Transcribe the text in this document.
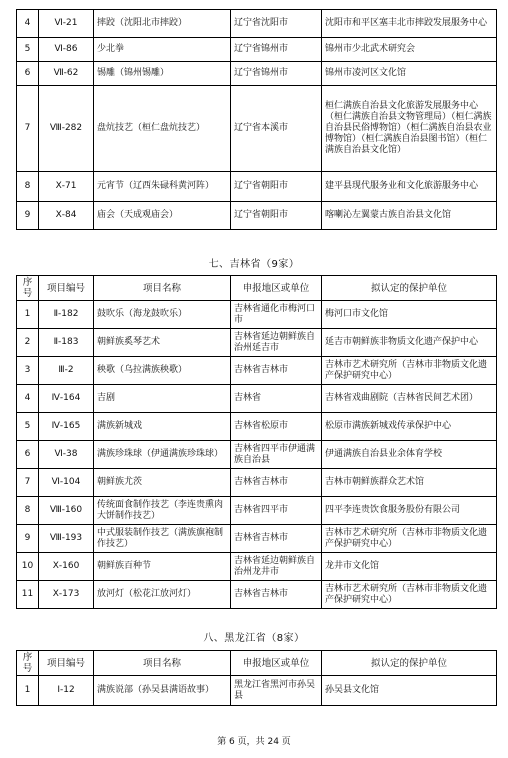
4	Ⅵ-21	摔跤（沈阳北市摔跤）	辽宁省沈阳市	沈阳市和平区塞丰北市摔跤发展服务中心
5	Ⅵ-86	少北拳	辽宁省锦州市	锦州市少北武术研究会
6	Ⅶ-62	锡雕（锦州锡雕）	辽宁省锦州市	锦州市凌河区文化馆
7	Ⅷ-282	盘炕技艺（桓仁盘炕技艺）	辽宁省本溪市	桓仁满族自治县文化旅游发展服务中心（桓仁满族自治县文物管理局）（桓仁满族自治县民俗博物馆）（桓仁满族自治县农业博物馆）（桓仁满族自治县图书馆）（桓仁满族自治县文化馆）
8	Ⅹ-71	元宵节（辽西朱碌科黄河阵）	辽宁省朝阳市	建平县现代服务业和文化旅游服务中心
9	Ⅹ-84	庙会（天成观庙会）	辽宁省朝阳市	喀喇沁左翼蒙古族自治县文化馆
七、吉林省（9家）
序号	项目编号	项目名称	申报地区或单位	拟认定的保护单位
1	Ⅱ-182	鼓吹乐（海龙鼓吹乐）	吉林省通化市梅河口市	梅河口市文化馆
2	Ⅱ-183	朝鲜族奚琴艺术	吉林省延边朝鲜族自治州延吉市	延吉市朝鲜族非物质文化遗产保护中心
3	Ⅲ-2	秧歌（乌拉满族秧歌）	吉林省吉林市	吉林市艺术研究所（吉林市非物质文化遗产保护研究中心）
4	Ⅳ-164	吉剧	吉林省	吉林省戏曲剧院（吉林省民间艺术团）
5	Ⅳ-165	满族新城戏	吉林省松原市	松原市满族新城戏传承保护中心
6	Ⅵ-38	满族珍珠球（伊通满族珍珠球）	吉林省四平市伊通满族自治县	伊通满族自治县业余体育学校
7	Ⅵ-104	朝鲜族尤茨	吉林省吉林市	吉林市朝鲜族群众艺术馆
8	Ⅷ-160	传统面食制作技艺（李连贵熏肉大饼制作技艺）	吉林省四平市	四平李连贵饮食服务股份有限公司
9	Ⅷ-193	中式服装制作技艺（满族旗袍制作技艺）	吉林省吉林市	吉林市艺术研究所（吉林市非物质文化遗产保护研究中心）
10	Ⅹ-160	朝鲜族百种节	吉林省延边朝鲜族自治州龙井市	龙井市文化馆
11	Ⅹ-173	放河灯（松花江放河灯）	吉林省吉林市	吉林市艺术研究所（吉林市非物质文化遗产保护研究中心）
八、黑龙江省（8家）
序号	项目编号	项目名称	申报地区或单位	拟认定的保护单位
1	Ⅰ-12	满族说部（孙吴县满语故事）	黑龙江省黑河市孙吴县	孙吴县文化馆
第 6 页，共 24 页
